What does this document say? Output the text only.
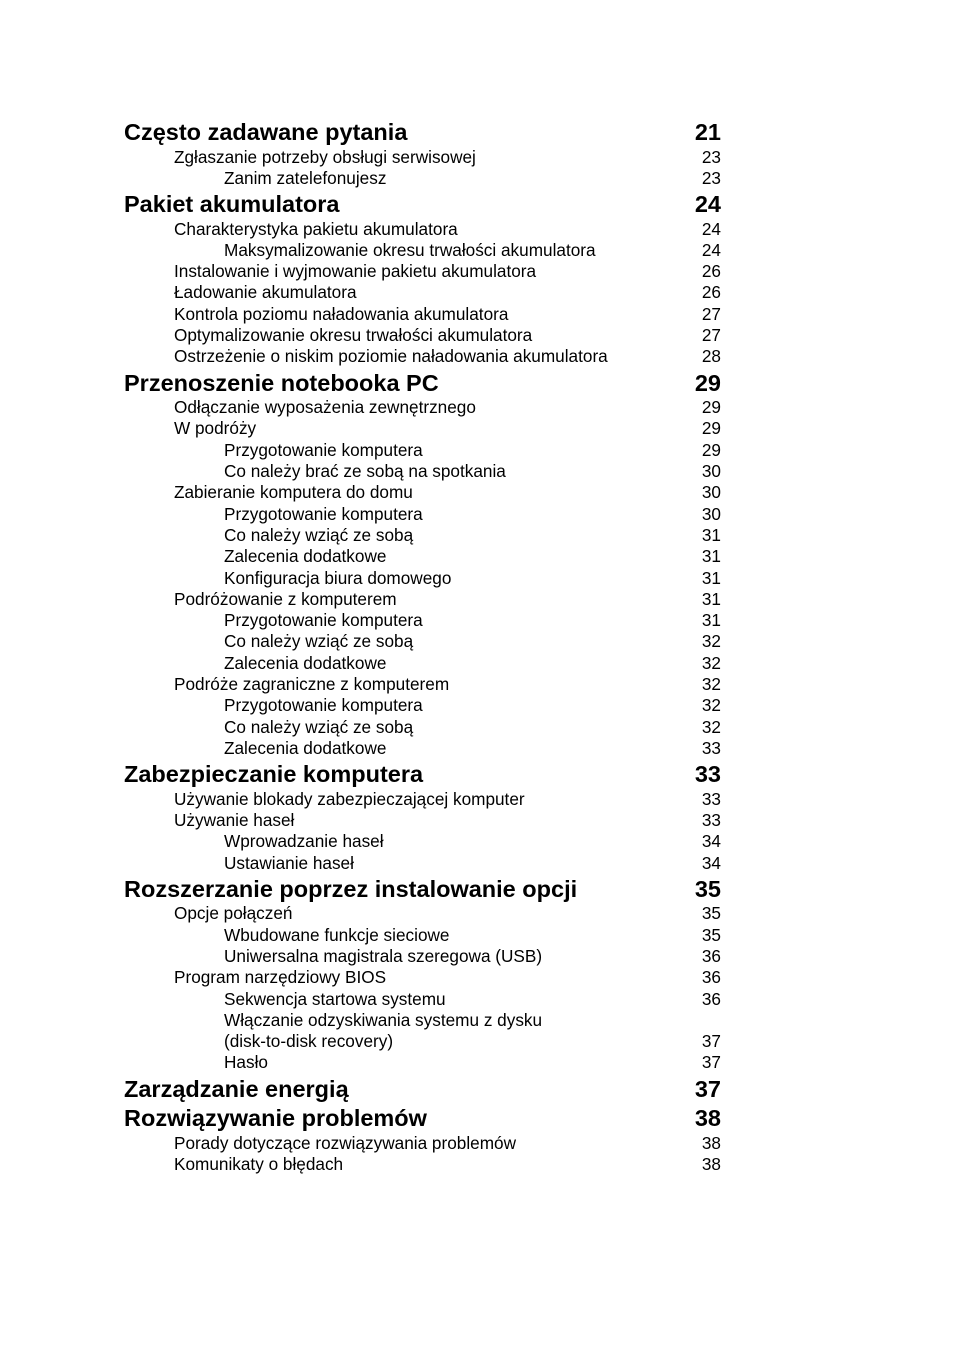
Często zadawane pytania	21
Zgłaszanie potrzeby obsługi serwisowej	23
Zanim zatelefonujesz	23
Pakiet akumulatora	24
Charakterystyka pakietu akumulatora	24
Maksymalizowanie okresu trwałości akumulatora	24
Instalowanie i wyjmowanie pakietu akumulatora	26
Ładowanie akumulatora	26
Kontrola poziomu naładowania akumulatora	27
Optymalizowanie okresu trwałości akumulatora	27
Ostrzeżenie o niskim poziomie naładowania akumulatora	28
Przenoszenie notebooka PC	29
Odłączanie wyposażenia zewnętrznego	29
W podróży	29
Przygotowanie komputera	29
Co należy brać ze sobą na spotkania	30
Zabieranie komputera do domu	30
Przygotowanie komputera	30
Co należy wziąć ze sobą	31
Zalecenia dodatkowe	31
Konfiguracja biura domowego	31
Podróżowanie z komputerem	31
Przygotowanie komputera	31
Co należy wziąć ze sobą	32
Zalecenia dodatkowe	32
Podróże zagraniczne z komputerem	32
Przygotowanie komputera	32
Co należy wziąć ze sobą	32
Zalecenia dodatkowe	33
Zabezpieczanie komputera	33
Używanie blokady zabezpieczającej komputer	33
Używanie haseł	33
Wprowadzanie haseł	34
Ustawianie haseł	34
Rozszerzanie poprzez instalowanie opcji	35
Opcje połączeń	35
Wbudowane funkcje sieciowe	35
Uniwersalna magistrala szeregowa (USB)	36
Program narzędziowy BIOS	36
Sekwencja startowa systemu	36
Włączanie odzyskiwania systemu z dysku
(disk-to-disk recovery)	37
Hasło	37
Zarządzanie energią	37
Rozwiązywanie problemów	38
Porady dotyczące rozwiązywania problemów	38
Komunikaty o błędach	38
